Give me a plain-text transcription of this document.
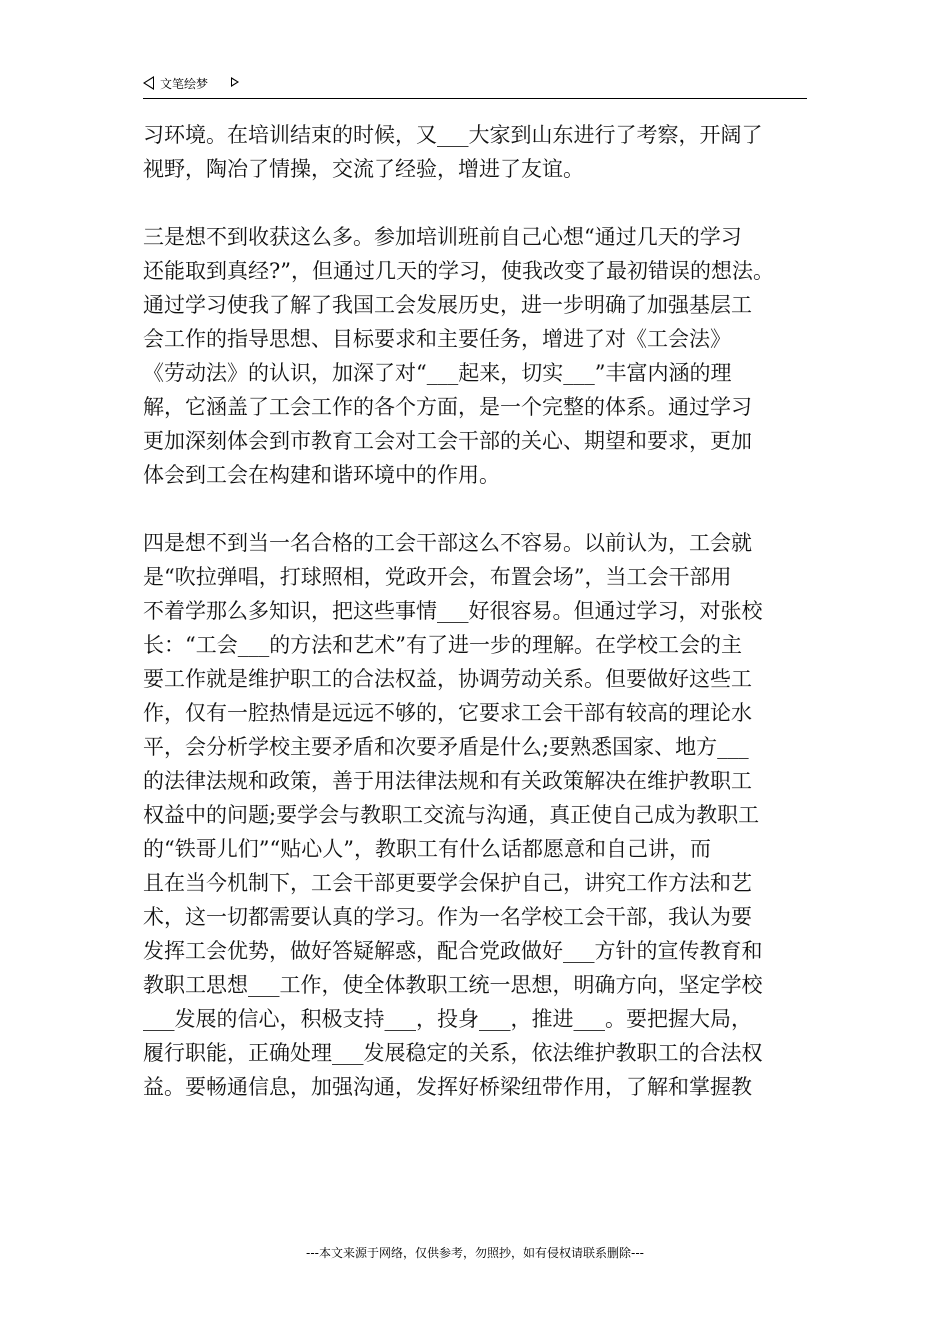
文笔绘梦
习环境。在培训结束的时候，又___大家到山东进行了考察，开阔了
视野，陶冶了情操，交流了经验，增进了友谊。
三是想不到收获这么多。参加培训班前自己心想“通过几天的学习
还能取到真经?”，但通过几天的学习，使我改变了最初错误的想法。
通过学习使我了解了我国工会发展历史，进一步明确了加强基层工
会工作的指导思想、目标要求和主要任务，增进了对《工会法》
《劳动法》的认识，加深了对“___起来，切实___”丰富内涵的理
解，它涵盖了工会工作的各个方面，是一个完整的体系。通过学习
更加深刻体会到市教育工会对工会干部的关心、期望和要求，更加
体会到工会在构建和谐环境中的作用。
四是想不到当一名合格的工会干部这么不容易。以前认为，工会就
是“吹拉弹唱，打球照相，党政开会，布置会场”，当工会干部用
不着学那么多知识，把这些事情___好很容易。但通过学习，对张校
长：“工会___的方法和艺术”有了进一步的理解。在学校工会的主
要工作就是维护职工的合法权益，协调劳动关系。但要做好这些工
作，仅有一腔热情是远远不够的，它要求工会干部有较高的理论水
平，会分析学校主要矛盾和次要矛盾是什么;要熟悉国家、地方___
的法律法规和政策，善于用法律法规和有关政策解决在维护教职工
权益中的问题;要学会与教职工交流与沟通，真正使自己成为教职工
的“铁哥儿们”“贴心人”，教职工有什么话都愿意和自己讲，而
且在当今机制下，工会干部更要学会保护自己，讲究工作方法和艺
术，这一切都需要认真的学习。作为一名学校工会干部，我认为要
发挥工会优势，做好答疑解惑，配合党政做好___方针的宣传教育和
教职工思想___工作，使全体教职工统一思想，明确方向，坚定学校
___发展的信心，积极支持___，投身___，推进___。要把握大局，
履行职能，正确处理___发展稳定的关系，依法维护教职工的合法权
益。要畅通信息，加强沟通，发挥好桥梁纽带作用，了解和掌握教
---本文来源于网络，仅供参考，勿照抄，如有侵权请联系删除---
